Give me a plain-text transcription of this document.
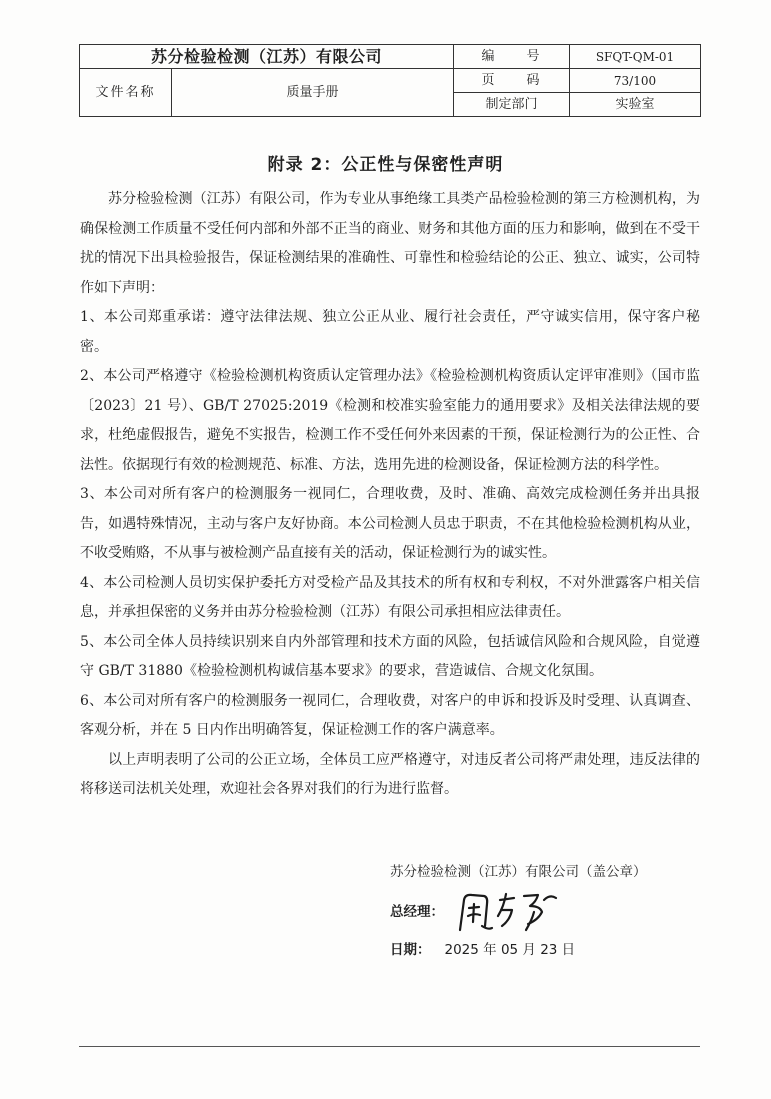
苏分检验检测（江苏）有限公司		编　　号	SFQT-QM-01
文件名称	质量手册	页　　码	73/100
		制定部门	实验室
附录 2：公正性与保密性声明

苏分检验检测（江苏）有限公司，作为专业从事绝缘工具类产品检验检测的第三方检测机构，为确保检测工作质量不受任何内部和外部不正当的商业、财务和其他方面的压力和影响，做到在不受干扰的情况下出具检验报告，保证检测结果的准确性、可靠性和检验结论的公正、独立、诚实，公司特作如下声明：

1、本公司郑重承诺：遵守法律法规、独立公正从业、履行社会责任，严守诚实信用，保守客户秘密。

2、本公司严格遵守《检验检测机构资质认定管理办法》《检验检测机构资质认定评审准则》（国市监〔2023〕21 号）、GB/T 27025:2019《检测和校准实验室能力的通用要求》及相关法律法规的要求，杜绝虚假报告，避免不实报告，检测工作不受任何外来因素的干预，保证检测行为的公正性、合法性。依据现行有效的检测规范、标准、方法，选用先进的检测设备，保证检测方法的科学性。

3、本公司对所有客户的检测服务一视同仁，合理收费，及时、准确、高效完成检测任务并出具报告，如遇特殊情况，主动与客户友好协商。本公司检测人员忠于职责，不在其他检验检测机构从业，不收受贿赂，不从事与被检测产品直接有关的活动，保证检测行为的诚实性。

4、本公司检测人员切实保护委托方对受检产品及其技术的所有权和专利权，不对外泄露客户相关信息，并承担保密的义务并由苏分检验检测（江苏）有限公司承担相应法律责任。

5、本公司全体人员持续识别来自内外部管理和技术方面的风险，包括诚信风险和合规风险，自觉遵守 GB/T 31880《检验检测机构诚信基本要求》的要求，营造诚信、合规文化氛围。

6、本公司对所有客户的检测服务一视同仁，合理收费，对客户的申诉和投诉及时受理、认真调查、客观分析，并在 5 日内作出明确答复，保证检测工作的客户满意率。

以上声明表明了公司的公正立场，全体员工应严格遵守，对违反者公司将严肃处理，违反法律的将移送司法机关处理，欢迎社会各界对我们的行为进行监督。

苏分检验检测（江苏）有限公司（盖公章）
总经理：
日期： 2025 年 05 月 23 日
